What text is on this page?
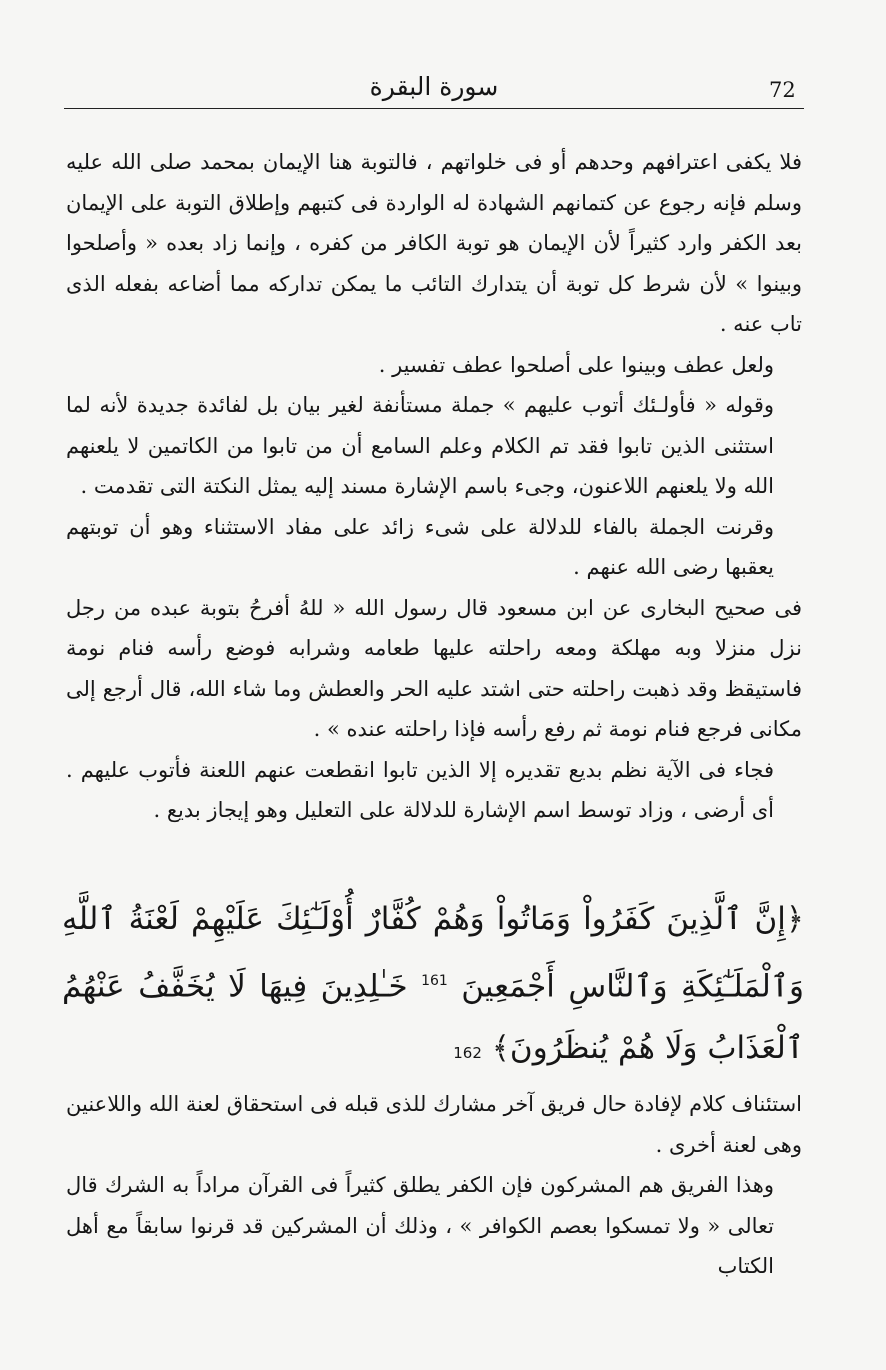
72
سورة البقرة

فلا يكفى اعترافهم وحدهم أو فى خلواتهم ، فالتوبة هنا الإيمان بمحمد صلى الله عليه وسلم فإنه رجوع عن كتمانهم الشهادة له الواردة فى كتبهم وإطلاق التوبة على الإيمان بعد الكفر وارد كثيراً لأن الإيمان هو توبة الكافر من كفره ، وإنما زاد بعده « وأصلحوا وبينوا » لأن شرط كل توبة أن يتدارك التائب ما يمكن تداركه مما أضاعه بفعله الذى تاب عنه .

ولعل عطف وبينوا على أصلحوا عطف تفسير .

وقوله « فأولـئك أتوب عليهم » جملة مستأنفة لغير بيان بل لفائدة جديدة لأنه لما استثنى الذين تابوا فقد تم الكلام وعلم السامع أن من تابوا من الكاتمين لا يلعنهم الله ولا يلعنهم اللاعنون، وجىء باسم الإشارة مسند إليه يمثل النكتة التى تقدمت .

وقرنت الجملة بالفاء للدلالة على شىء زائد على مفاد الاستثناء وهو أن توبتهم يعقبها رضى الله عنهم .

فى صحيح البخارى عن ابن مسعود قال رسول الله « للهُ أفرحُ بتوبة عبده من رجل نزل منزلا وبه مهلكة ومعه راحلته عليها طعامه وشرابه فوضع رأسه فنام نومة فاستيقظ وقد ذهبت راحلته حتى اشتد عليه الحر والعطش وما شاء الله، قال أرجع إلى مكانى فرجع فنام نومة ثم رفع رأسه فإذا راحلته عنده » .

فجاء فى الآية نظم بديع تقديره إلا الذين تابوا انقطعت عنهم اللعنة فأتوب عليهم . أى أرضى ، وزاد توسط اسم الإشارة للدلالة على التعليل وهو إيجاز بديع .

﴿إِنَّ ٱلَّذِينَ كَفَرُواْ وَمَاتُواْ وَهُمْ كُفَّارٌ أُوْلَـٰٓئِكَ عَلَيْهِمْ لَعْنَةُ ٱللَّهِ وَٱلْمَلَـٰٓئِكَةِ وَٱلنَّاسِ أَجْمَعِينَ $^{161}$ خَـٰلِدِينَ فِيهَا لَا يُخَفَّفُ عَنْهُمُ ٱلْعَذَابُ وَلَا هُمْ يُنظَرُونَ﴾ 162

استئناف كلام لإفادة حال فريق آخر مشارك للذى قبله فى استحقاق لعنة الله واللاعنين وهى لعنة أخرى .

وهذا الفريق هم المشركون فإن الكفر يطلق كثيراً فى القرآن مراداً به الشرك قال تعالى « ولا تمسكوا بعصم الكوافر » ، وذلك أن المشركين قد قرنوا سابقاً مع أهل الكتاب
